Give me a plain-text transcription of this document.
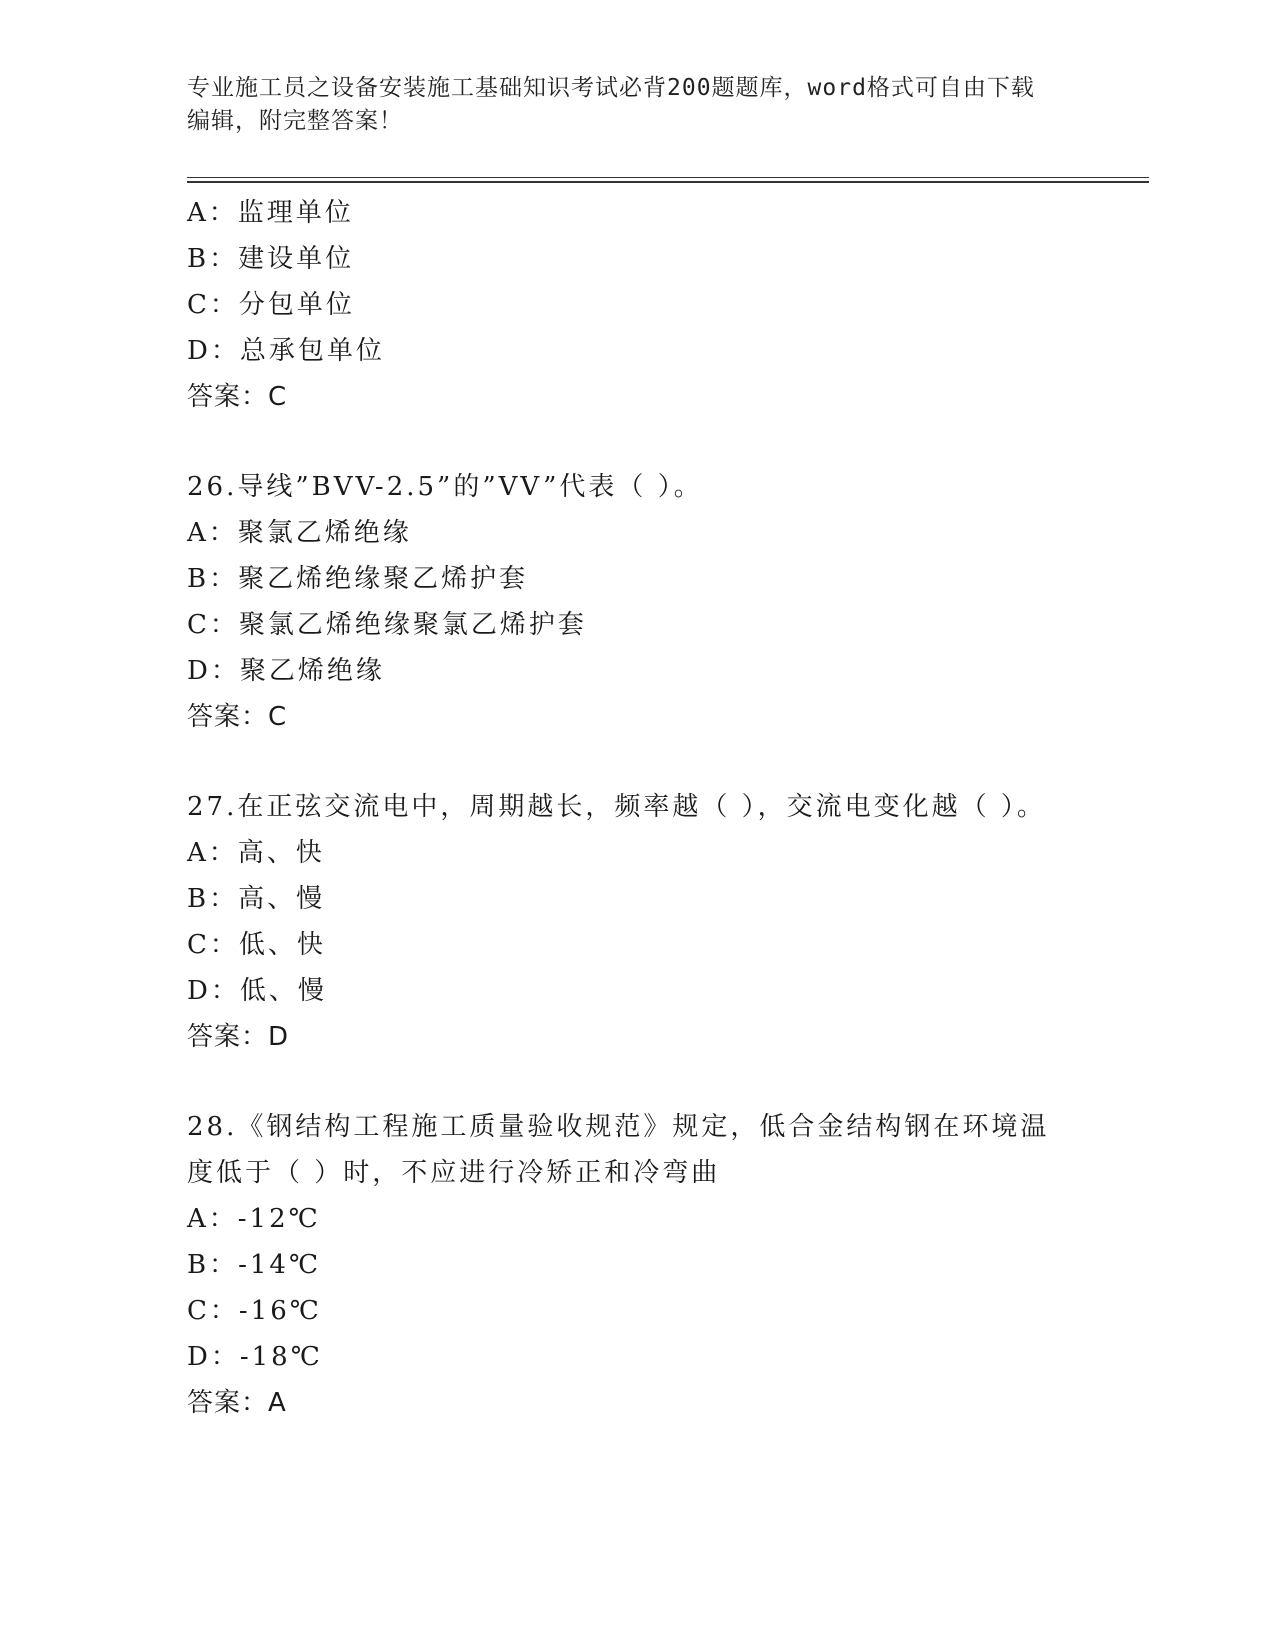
专业施工员之设备安装施工基础知识考试必背200题题库，word格式可自由下载
编辑，附完整答案！
A：监理单位
B：建设单位
C：分包单位
D：总承包单位
答案：C
26.导线”BVV-2.5”的”VV”代表（ ）。
A：聚氯乙烯绝缘
B：聚乙烯绝缘聚乙烯护套
C：聚氯乙烯绝缘聚氯乙烯护套
D：聚乙烯绝缘
答案：C
27.在正弦交流电中，周期越长，频率越（ ），交流电变化越（ ）。
A：高、快
B：高、慢
C：低、快
D：低、慢
答案：D
28.《钢结构工程施工质量验收规范》规定，低合金结构钢在环境温度低于（ ）时，不应进行冷矫正和冷弯曲
A：-12℃
B：-14℃
C：-16℃
D：-18℃
答案：A
